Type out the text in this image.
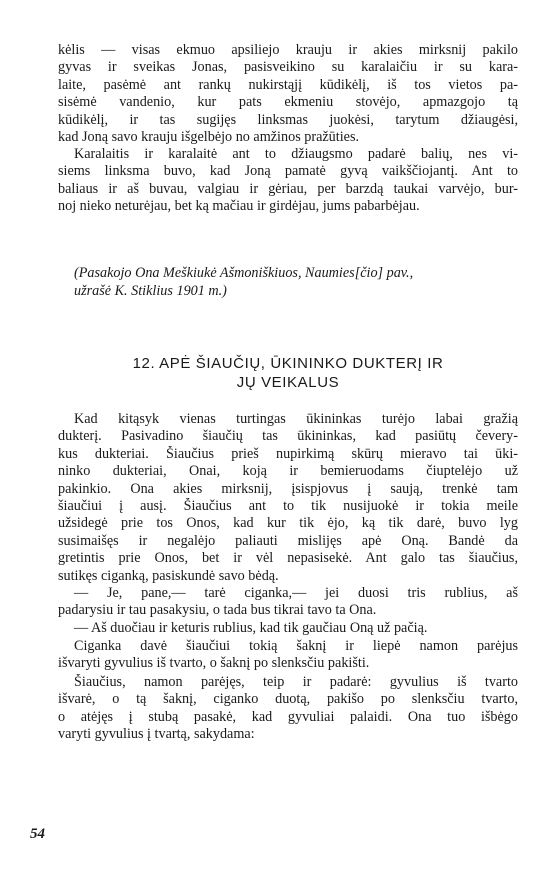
kėlis — visas ekmuo apsiliejo krauju ir akies mirksnij pakilo
gyvas ir sveikas Jonas, pasisveikino su karalaičiu ir su kara-
laite, pasėmė ant rankų nukirstąjį kūdikėlį, iš tos vietos pa-
sisėmė vandenio, kur pats ekmeniu stovėjo, apmazgojo tą
kūdikėlį, ir tas sugijęs linksmas juokėsi, tarytum džiaugėsi,
kad Joną savo krauju išgelbėjo no amžinos pražūties.
Karalaitis ir karalaitė ant to džiaugsmo padarė balių, nes vi-
siems linksma buvo, kad Joną pamatė gyvą vaikščiojantį. Ant to
baliaus ir aš buvau, valgiau ir gėriau, per barzdą taukai varvėjo, bur-
noj nieko neturėjau, bet ką mačiau ir girdėjau, jums pabarbėjau.
(Pasakojo Ona Meškiukė Ašmoniškiuos, Naumies[čio] pav.,
užrašė K. Stiklius 1901 m.)
12. APĖ ŠIAUČIŲ, ŪKININKO DUKTERĮ IR
JŲ VEIKALUS
Kad kitąsyk vienas turtingas ūkininkas turėjo labai gražią
dukterį. Pasivadino šiaučių tas ūkininkas, kad pasiūtų čevery-
kus dukteriai. Šiaučius prieš nupirkimą skūrų mieravo tai ūki-
ninko dukteriai, Onai, koją ir bemieruodams čiuptelėjo už
pakinkio. Ona akies mirksnij, įsispjovus į saują, trenkė tam
šiaučiui į ausį. Šiaučius ant to tik nusijuokė ir tokia meile
užsidegė prie tos Onos, kad kur tik ėjo, ką tik darė, buvo lyg
susimaišęs ir negalėjo paliauti mislijęs apė Oną. Bandė da
gretintis prie Onos, bet ir vėl nepasisekė. Ant galo tas šiaučius,
sutikęs ciganką, pasiskundė savo bėdą.
— Je, pane,— tarė ciganka,— jei duosi tris rublius, aš
padarysiu ir tau pasakysiu, o tada bus tikrai tavo ta Ona.
— Aš duočiau ir keturis rublius, kad tik gaučiau Oną už pačią.
Ciganka davė šiaučiui tokią šaknį ir liepė namon parėjus
išvaryti gyvulius iš tvarto, o šaknį po slenksčiu pakišti.
Šiaučius, namon parėjęs, teip ir padarė: gyvulius iš tvarto
išvarė, o tą šaknį, ciganko duotą, pakišo po slenksčiu tvarto,
o atėjęs į stubą pasakė, kad gyvuliai palaidi. Ona tuo išbėgo
varyti gyvulius į tvartą, sakydama:
54
